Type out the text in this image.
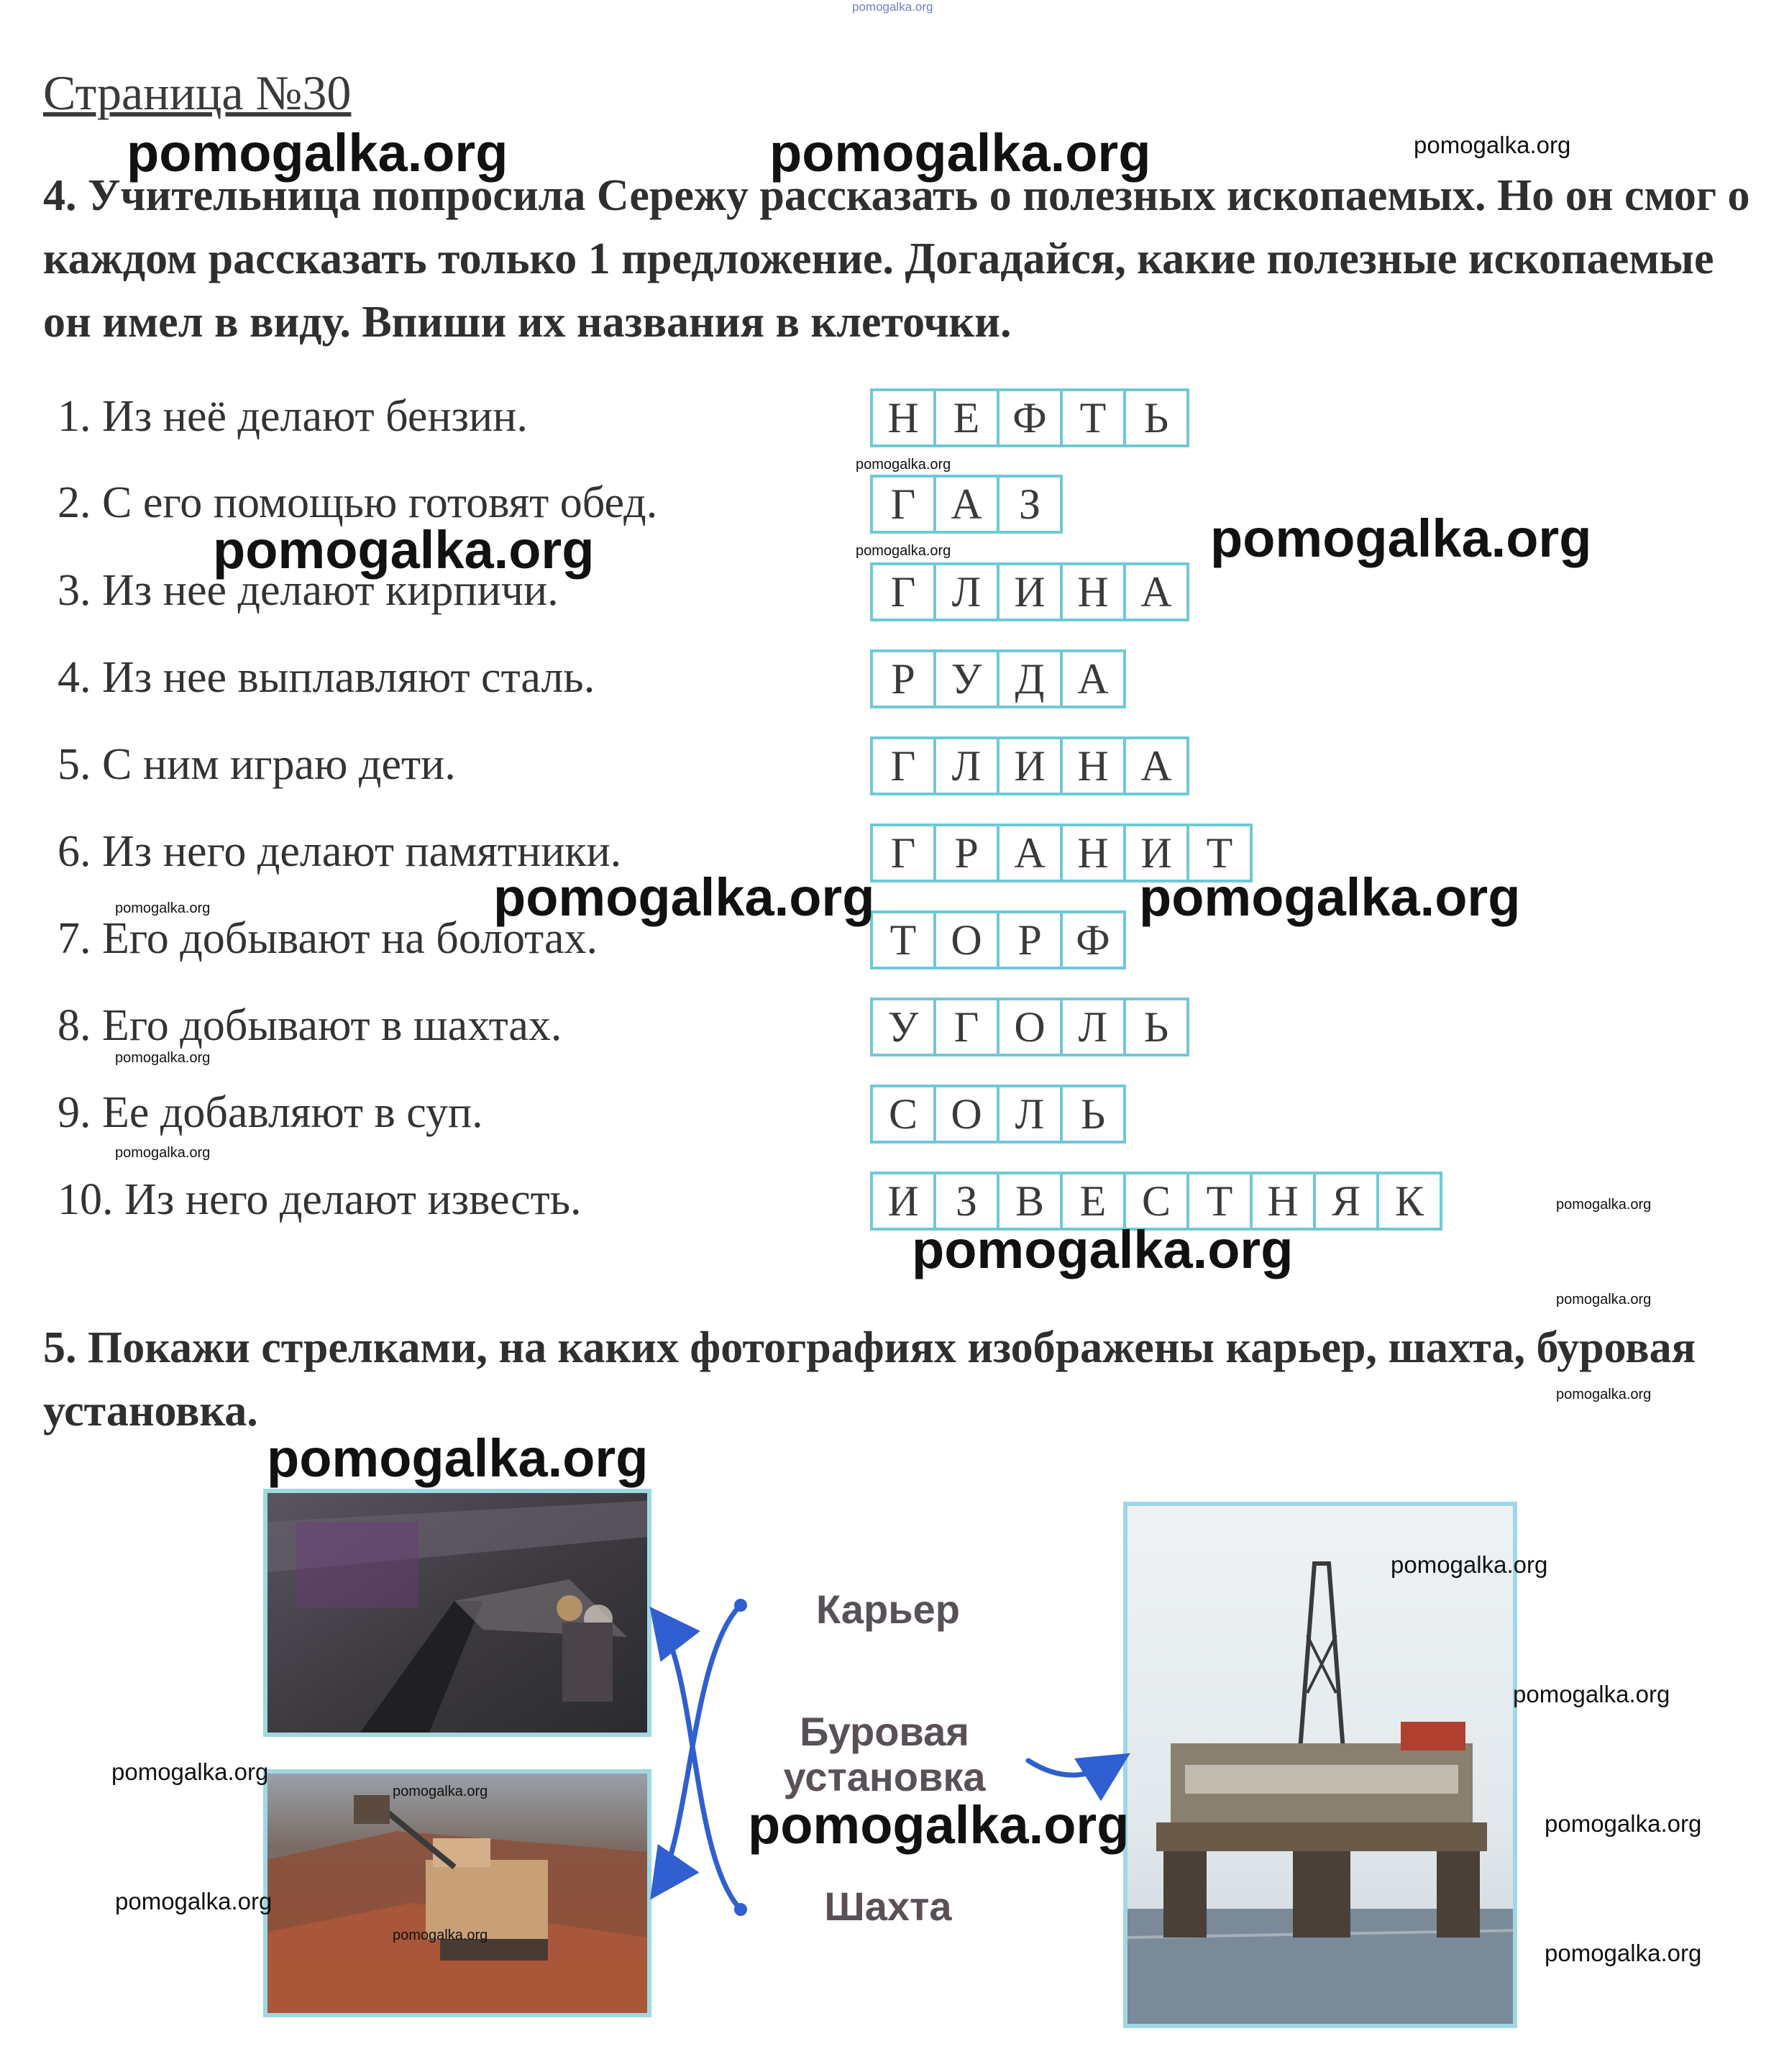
pomogalka.org
Страница №30
4. Учительница попросила Сережу рассказать о полезных ископаемых. Но он смог о каждом рассказать только 1 предложение. Догадайся, какие полезные ископаемые он имел в виду. Впиши их названия в клеточки.
1. Из неё делают бензин.	Н Е Ф Т Ь
2. С его помощью готовят обед.	Г А З
3. Из нее делают кирпичи.	Г Л И Н А
4. Из нее выплавляют сталь.	Р У Д А
5. С ним играю дети.	Г Л И Н А
6. Из него делают памятники.	Г Р А Н И Т
7. Его добывают на болотах.	Т О Р Ф
8. Его добывают в шахтах.	У Г О Л Ь
9. Ее добавляют в суп.	С О Л Ь
10. Из него делают известь.	И З В Е С Т Н Я К
5. Покажи стрелками, на каких фотографиях изображены карьер, шахта, буровая установка.
Карьер
Буровая
установка
Шахта
pomogalka.org	pomogalka.org	pomogalka.org
pomogalka.org
pomogalka.org
pomogalka.org	pomogalka.org
pomogalka.org	pomogalka.org	pomogalka.org
pomogalka.org
pomogalka.org
pomogalka.org
pomogalka.org
pomogalka.org
pomogalka.org
pomogalka.org
pomogalka.org
pomogalka.org
pomogalka.org
pomogalka.org
pomogalka.org	pomogalka.org
pomogalka.org
pomogalka.org
pomogalka.org
